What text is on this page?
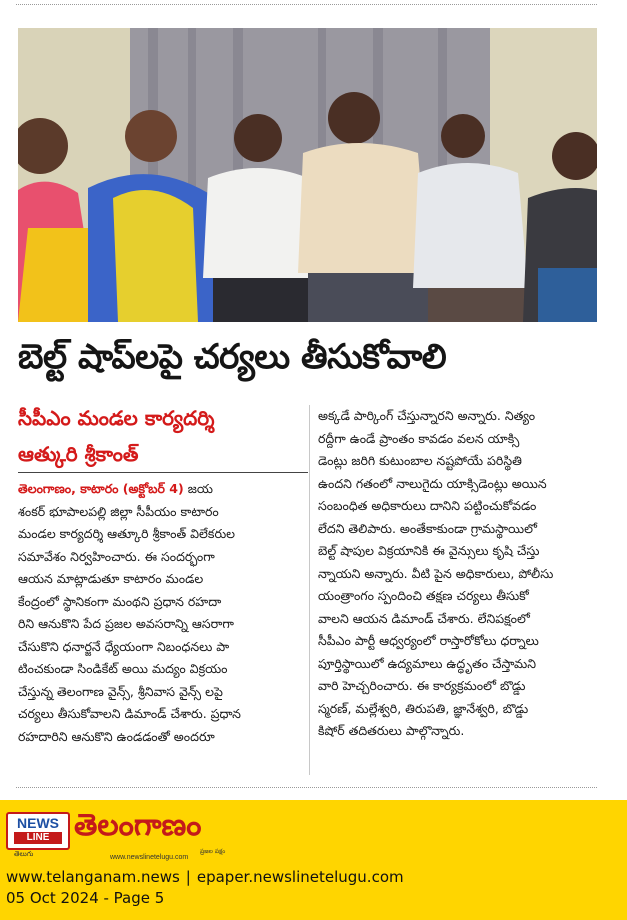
బెల్ట్ షాప్‌లపై చర్యలు తీసుకోవాలి
సీపీఎం మండల కార్యదర్శి
ఆత్కురి శ్రీకాంత్
తెలంగాణం, కాటారం (అక్టోబర్ 4) జయ
శంకర్ భూపాలపల్లి జిల్లా సీపీయం కాటారం
మండల కార్యదర్శి ఆత్కూరి శ్రీకాంత్ విలేకరుల
సమావేశం నిర్వహించారు. ఈ సందర్భంగా
ఆయన మాట్లాడుతూ కాటారం మండల
కేంద్రంలో స్థానికంగా మంథని ప్రధాన రహదా
రిని ఆనుకొని పేద ప్రజల అవసరాన్ని ఆసరాగా
చేసుకొని ధనార్జనే ధ్యేయంగా నిబంధనలు పా
టించకుండా సిండికేట్ అయి మద్యం విక్రయం
చేస్తున్న తెలంగాణ వైన్స్, శ్రీనివాస వైన్స్ లపై
చర్యలు తీసుకోవాలని డిమాండ్ చేశారు. ప్రధాన
రహదారిని ఆనుకొని ఉండడంతో అందరూ
అక్కడే పార్కింగ్ చేస్తున్నారని అన్నారు. నిత్యం
రద్దీగా ఉండే ప్రాంతం కావడం వలన యాక్సి
డెంట్లు జరిగి కుటుంబాల నష్టపోయే పరిస్థితి
ఉందని గతంలో నాలుగైదు యాక్సిడెంట్లు అయిన
సంబంధిత అధికారులు దానిని పట్టించుకోవడం
లేదని తెలిపారు. అంతేకాకుండా గ్రామస్థాయిలో
బెల్ట్ షాపుల విక్రయానికి ఈ వైన్సులు కృషి చేస్తు
న్నాయని అన్నారు. వీటి పైన అధికారులు, పోలీసు
యంత్రాంగం స్పందించి తక్షణ చర్యలు తీసుకో
వాలని ఆయన డిమాండ్ చేశారు. లేనిపక్షంలో
సీపీఎం పార్టీ ఆధ్వర్యంలో రాస్తారోకోలు ధర్నాలు
పూర్తిస్థాయిలో ఉద్యమాలు ఉద్ధృతం చేస్తామని
వారి హెచ్చరించారు. ఈ కార్యక్రమంలో బొడ్డు
స్మరణ్, మల్లేశ్వరి, తిరుపతి, జ్ఞానేశ్వరి, బొడ్డు
కిషోర్ తదితరులు పాల్గొన్నారు.
NEWS
LINE
తెలుగు
తెలంగాణం
ప్రజల పక్షం
www.newslinetelugu.com
www.telanganam.news | epaper.newslinetelugu.com
05 Oct 2024 - Page 5
